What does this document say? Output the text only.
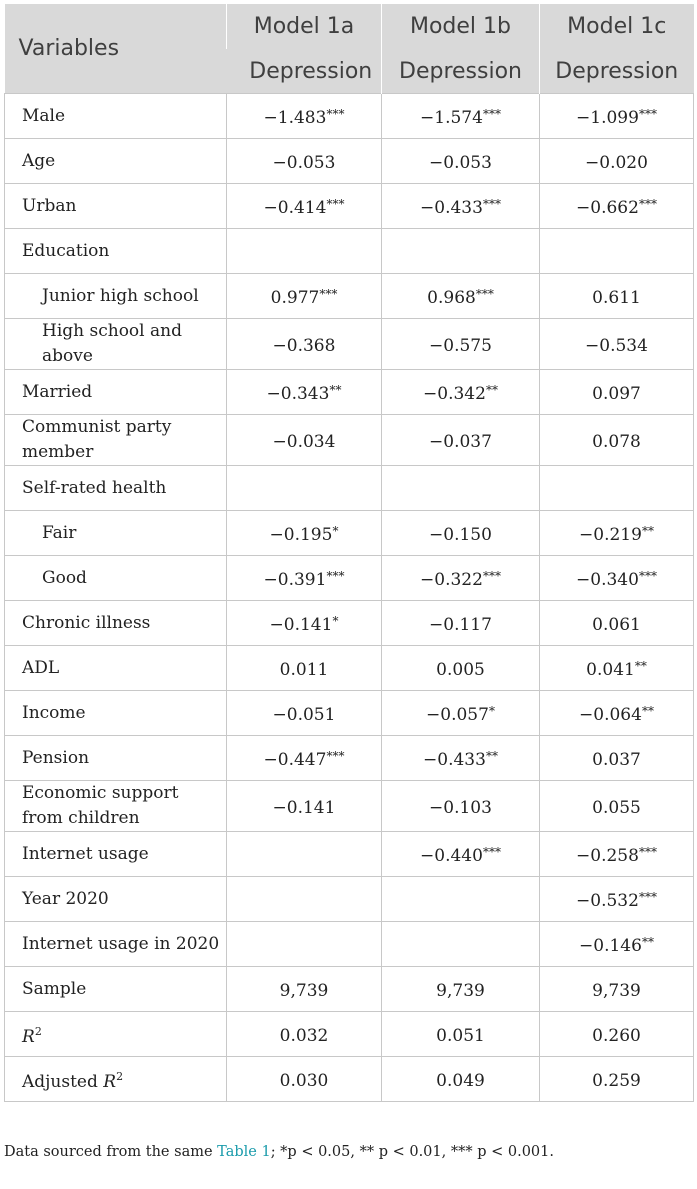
Variables	Model 1a	Model 1b	Model 1c
	Depression	Depression	Depression
Male	−1.483***	−1.574***	−1.099***
Age	−0.053	−0.053	−0.020
Urban	−0.414***	−0.433***	−0.662***
Education			
Junior high school	0.977***	0.968***	0.611
High school and above	−0.368	−0.575	−0.534
Married	−0.343**	−0.342**	0.097
Communist party member	−0.034	−0.037	0.078
Self-rated health			
Fair	−0.195*	−0.150	−0.219**
Good	−0.391***	−0.322***	−0.340***
Chronic illness	−0.141*	−0.117	0.061
ADL	0.011	0.005	0.041**
Income	−0.051	−0.057*	−0.064**
Pension	−0.447***	−0.433**	0.037
Economic support from children	−0.141	−0.103	0.055
Internet usage		−0.440***	−0.258***
Year 2020			−0.532***
Internet usage in 2020			−0.146**
Sample	9,739	9,739	9,739
$R^2$	0.032	0.051	0.260
Adjusted $R^2$	0.030	0.049	0.259
Data sourced from the same Table 1; *p < 0.05, ** p < 0.01, *** p < 0.001.
